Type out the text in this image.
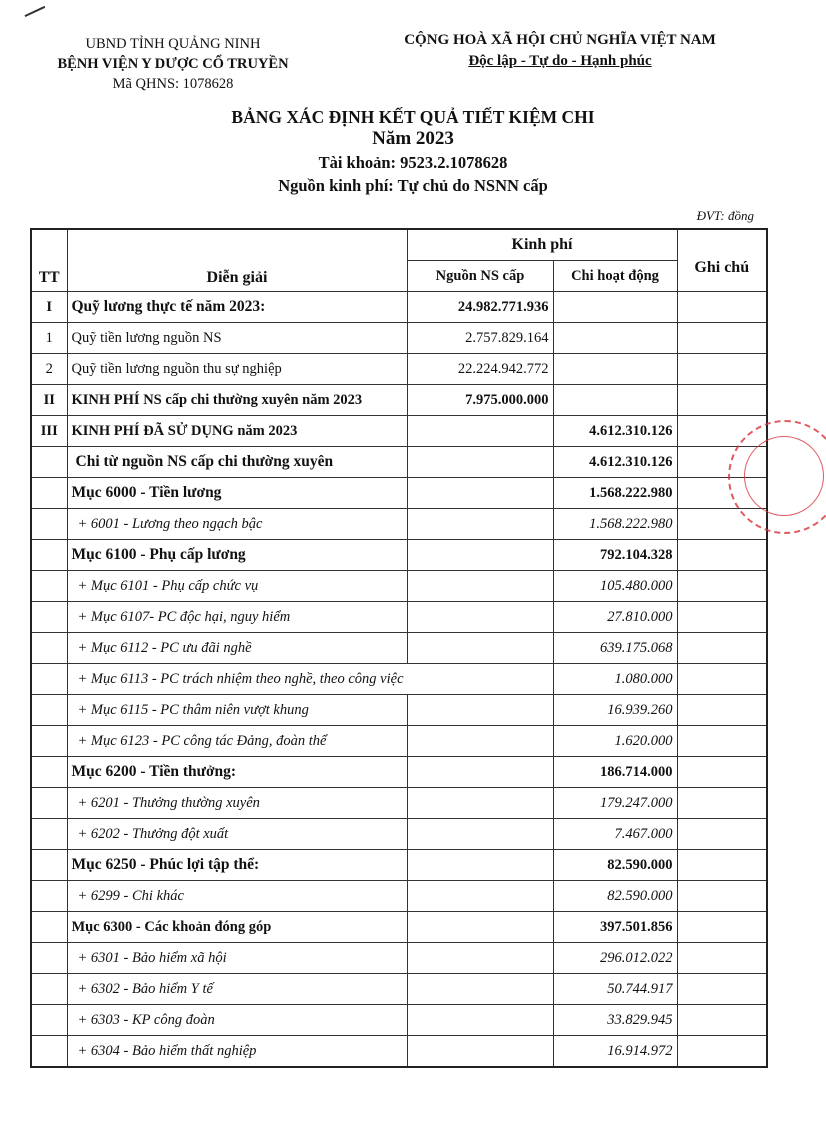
UBND TỈNH QUẢNG NINH
BỆNH VIỆN Y DƯỢC CỔ TRUYỀN
Mã QHNS: 1078628
CỘNG HOÀ XÃ HỘI CHỦ NGHĨA VIỆT NAM
Độc lập - Tự do - Hạnh phúc
BẢNG XÁC ĐỊNH KẾT QUẢ TIẾT KIỆM CHI
Năm 2023
Tài khoản: 9523.2.1078628
Nguồn kinh phí: Tự chủ do NSNN cấp
ĐVT: đồng
TT	Diễn giải	Kinh phí		Ghi chú
		Nguồn NS cấp	Chi hoạt động	
I	Quỹ lương thực tế năm 2023:	24.982.771.936		
1	Quỹ tiền lương nguồn NS	2.757.829.164		
2	Quỹ tiền lương nguồn thu sự nghiệp	22.224.942.772		
II	KINH PHÍ NS cấp chi thường xuyên năm 2023	7.975.000.000		
III	KINH PHÍ ĐÃ SỬ DỤNG năm 2023		4.612.310.126	
	Chi từ nguồn NS cấp chi thường xuyên		4.612.310.126	
	Mục 6000 - Tiền lương		1.568.222.980	
	+ 6001 - Lương theo ngạch bậc		1.568.222.980	
	Mục 6100 - Phụ cấp lương		792.104.328	
	+ Mục 6101 - Phụ cấp chức vụ		105.480.000	
	+ Mục 6107- PC độc hại, nguy hiểm		27.810.000	
	+ Mục 6112 - PC ưu đãi nghề		639.175.068	
	+ Mục 6113 - PC trách nhiệm theo nghề, theo công việc		1.080.000	
	+ Mục 6115 - PC thâm niên vượt khung		16.939.260	
	+ Mục 6123 - PC công tác Đảng, đoàn thể		1.620.000	
	Mục 6200 - Tiền thưởng:		186.714.000	
	+ 6201 - Thưởng thường xuyên		179.247.000	
	+ 6202 - Thưởng đột xuất		7.467.000	
	Mục 6250 - Phúc lợi tập thể:		82.590.000	
	+ 6299 - Chi khác		82.590.000	
	Mục 6300 - Các khoản đóng góp		397.501.856	
	+ 6301 - Bảo hiểm xã hội		296.012.022	
	+ 6302 - Bảo hiểm Y tế		50.744.917	
	+ 6303 - KP công đoàn		33.829.945	
	+ 6304 - Bảo hiểm thất nghiệp		16.914.972	
